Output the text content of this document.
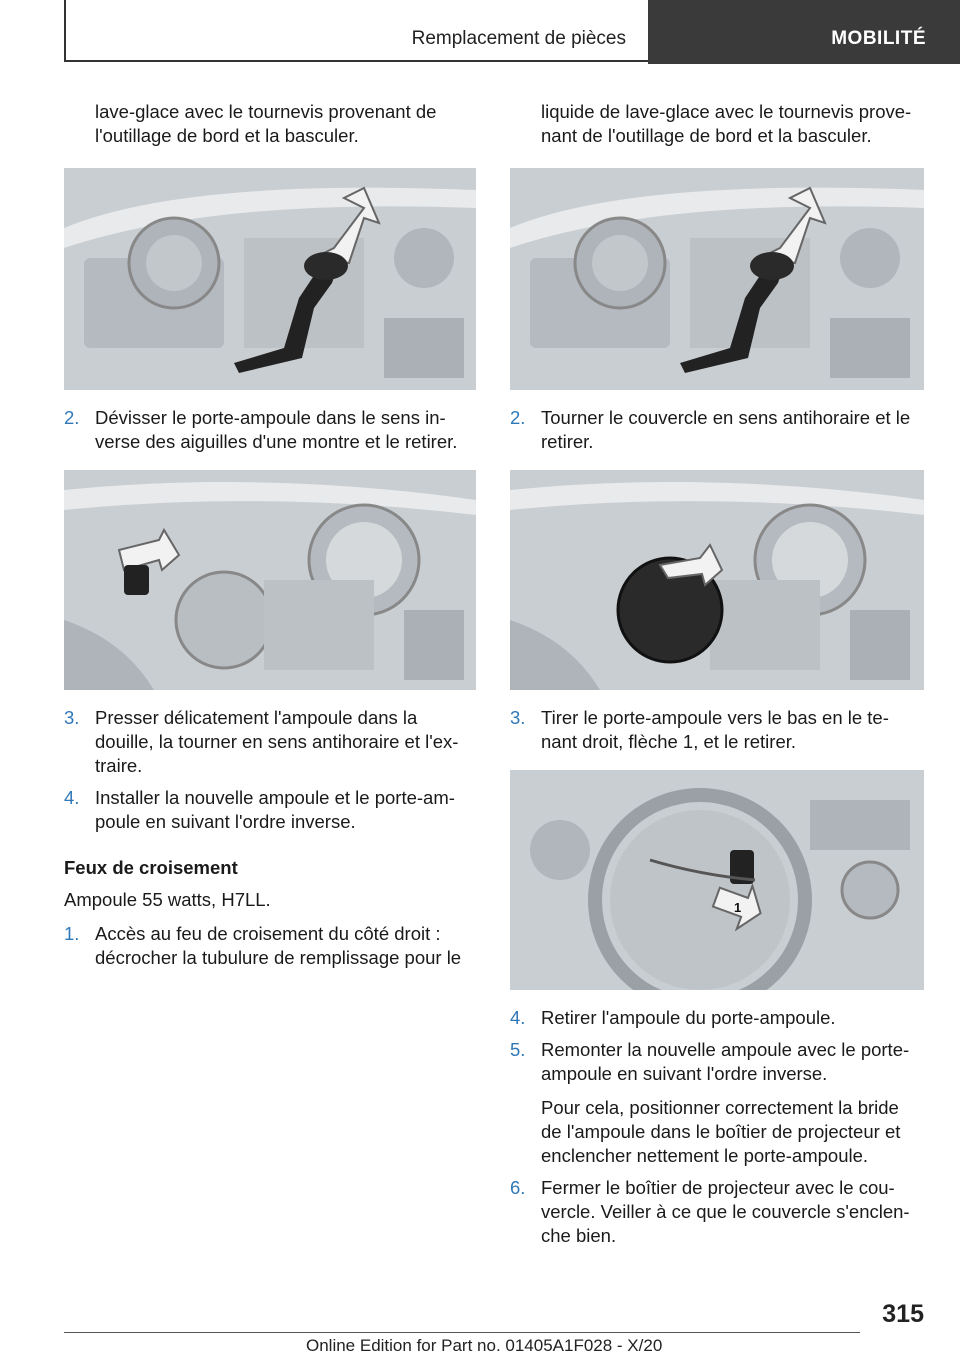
Remplacement de pièces	MOBILITÉ

lave-glace avec le tournevis provenant de l'outillage de bord et la basculer.

2. Dévisser le porte-ampoule dans le sens in-verse des aiguilles d'une montre et le retirer.
3. Presser délicatement l'ampoule dans la douille, la tourner en sens antihoraire et l'ex-traire.
4. Installer la nouvelle ampoule et le porte-am-poule en suivant l'ordre inverse.
Feux de croisement

Ampoule 55 watts, H7LL.

1. Accès au feu de croisement du côté droit : décrocher la tubulure de remplissage pour le

liquide de lave-glace avec le tournevis prove-nant de l'outillage de bord et la basculer.

2. Tourner le couvercle en sens antihoraire et le retirer.
3. Tirer le porte-ampoule vers le bas en le te-nant droit, flèche 1, et le retirer.
1
4. Retirer l'ampoule du porte-ampoule.
5. Remonter la nouvelle ampoule avec le porte-ampoule en suivant l'ordre inverse.

Pour cela, positionner correctement la bride de l'ampoule dans le boîtier de projecteur et enclencher nettement le porte-ampoule.

6. Fermer le boîtier de projecteur avec le cou-vercle. Veiller à ce que le couvercle s'enclen-che bien.
315
Online Edition for Part no. 01405A1F028 - X/20
